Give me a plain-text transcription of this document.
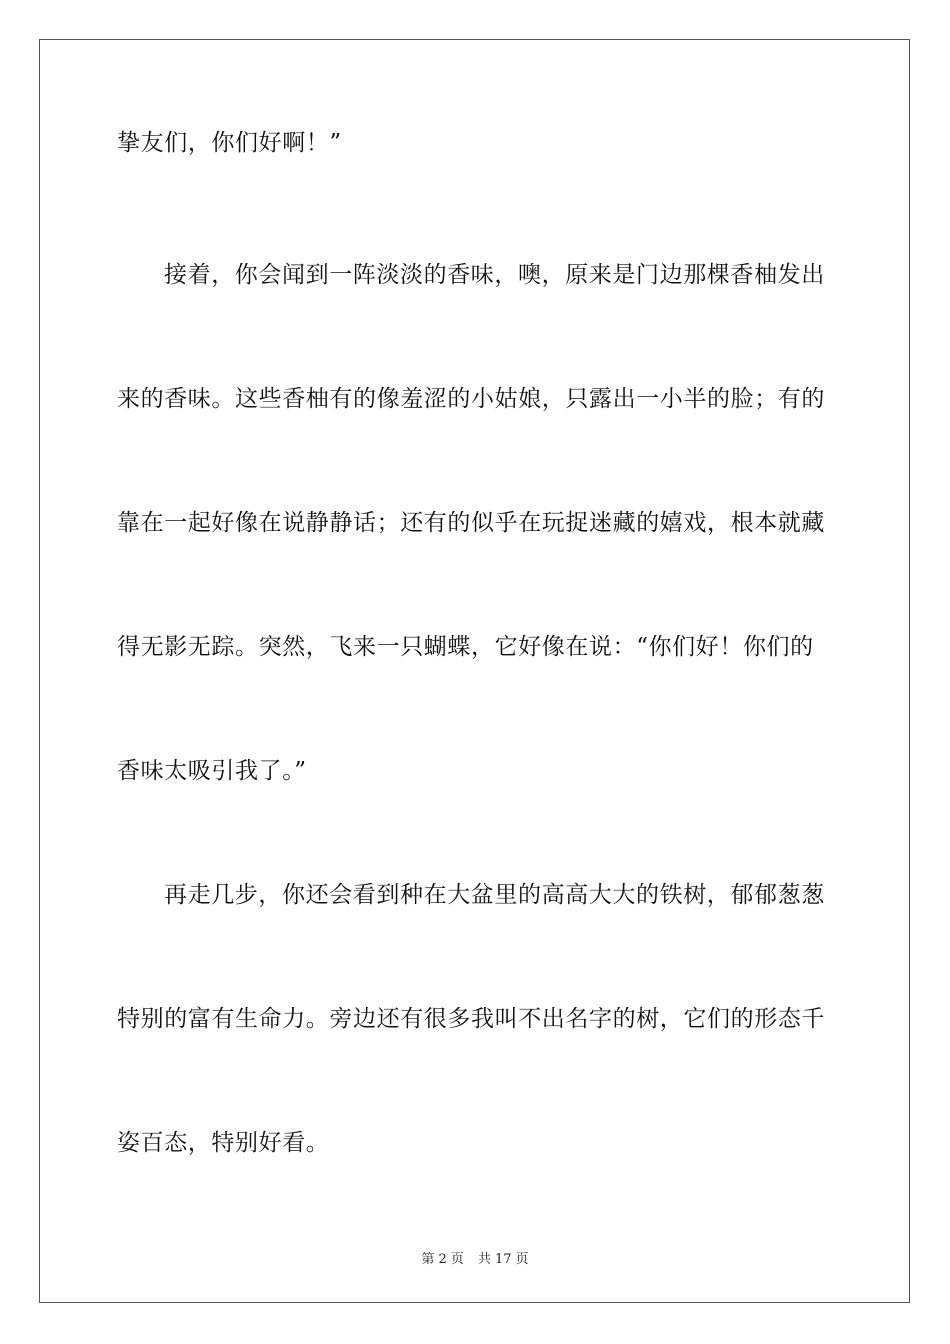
挚友们，你们好啊！”
接着，你会闻到一阵淡淡的香味，噢，原来是门边那棵香柚发出
来的香味。这些香柚有的像羞涩的小姑娘，只露出一小半的脸；有的
靠在一起好像在说静静话；还有的似乎在玩捉迷藏的嬉戏，根本就藏
得无影无踪。突然，飞来一只蝴蝶，它好像在说：“你们好！你们的
香味太吸引我了。”
再走几步，你还会看到种在大盆里的高高大大的铁树，郁郁葱葱
特别的富有生命力。旁边还有很多我叫不出名字的树，它们的形态千
姿百态，特别好看。
第 2 页 共 17 页
